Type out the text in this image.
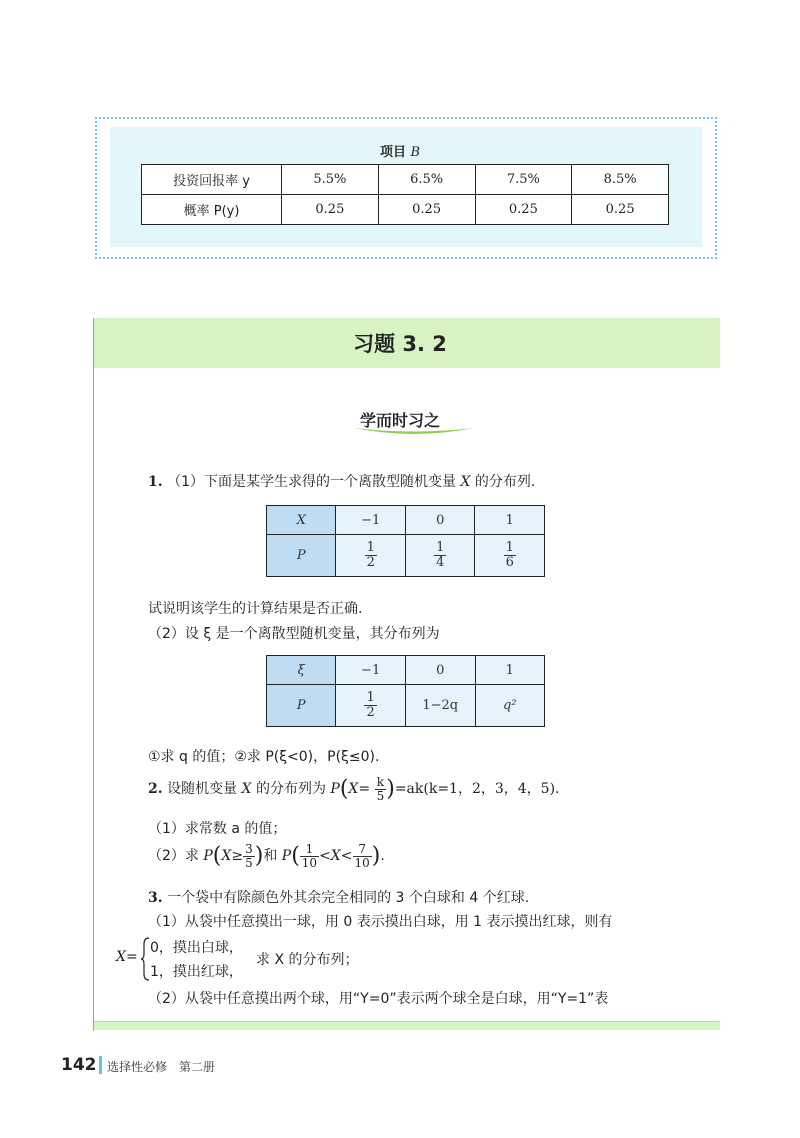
项目 B
投资回报率 y	5.5%	6.5%	7.5%	8.5%
概率 P(y)	0.25	0.25	0.25	0.25
习题 3. 2
学而时习之
1. （1）下面是某学生求得的一个离散型随机变量 X 的分布列.
X	−1	0	1
P	$\frac{1}{2}$	$\frac{1}{4}$	$\frac{1}{6}$
试说明该学生的计算结果是否正确.
（2）设 ξ 是一个离散型随机变量，其分布列为
ξ	−1	0	1
P	$\frac{1}{2}$	1−2q	q²
①求 q 的值；②求 P(ξ<0)，P(ξ≤0).
2. 设随机变量 X 的分布列为 $P(X= \frac{k}{5} )=ak(k=1$，2，3，4，5).
（1）求常数 a 的值；
（2）求 $P(X\ge \frac{3}{5}$ )和 $P( \frac{1}{10} <X< \frac{7}{10}$ ).
3. 一个袋中有除颜色外其余完全相同的 3 个白球和 4 个红球.
（1）从袋中任意摸出一球，用 0 表示摸出白球，用 1 表示摸出红球，则有
X=
0，摸出白球，
1，摸出红球，
求 X 的分布列；
（2）从袋中任意摸出两个球，用“Y=0”表示两个球全是白球，用“Y=1”表
142 选择性必修　第二册
